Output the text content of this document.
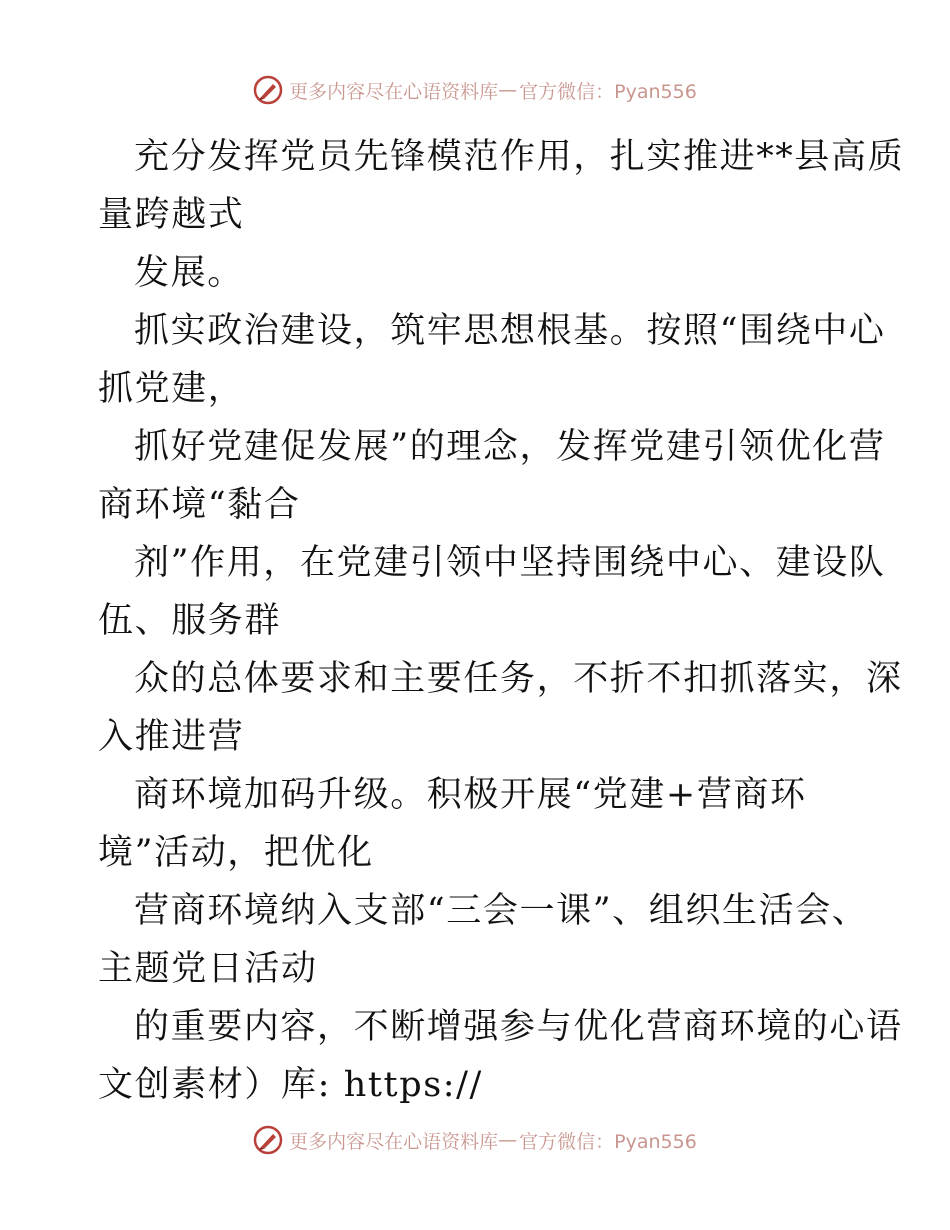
更多内容尽在心语资料库 — 官方微信：Pyan556
充分发挥党员先锋模范作用，扎实推进**县高质
量跨越式
发展。
抓实政治建设，筑牢思想根基。按照“围绕中心
抓党建，
抓好党建促发展”的理念，发挥党建引领优化营
商环境“黏合
剂”作用，在党建引领中坚持围绕中心、建设队
伍、服务群
众的总体要求和主要任务，不折不扣抓落实，深
入推进营
商环境加码升级。积极开展“党建+营商环
境”活动，把优化
营商环境纳入支部“三会一课”、组织生活会、
主题党日活动
的重要内容，不断增强参与优化营商环境的心语
文创素材）库: https://
更多内容尽在心语资料库 — 官方微信：Pyan556
